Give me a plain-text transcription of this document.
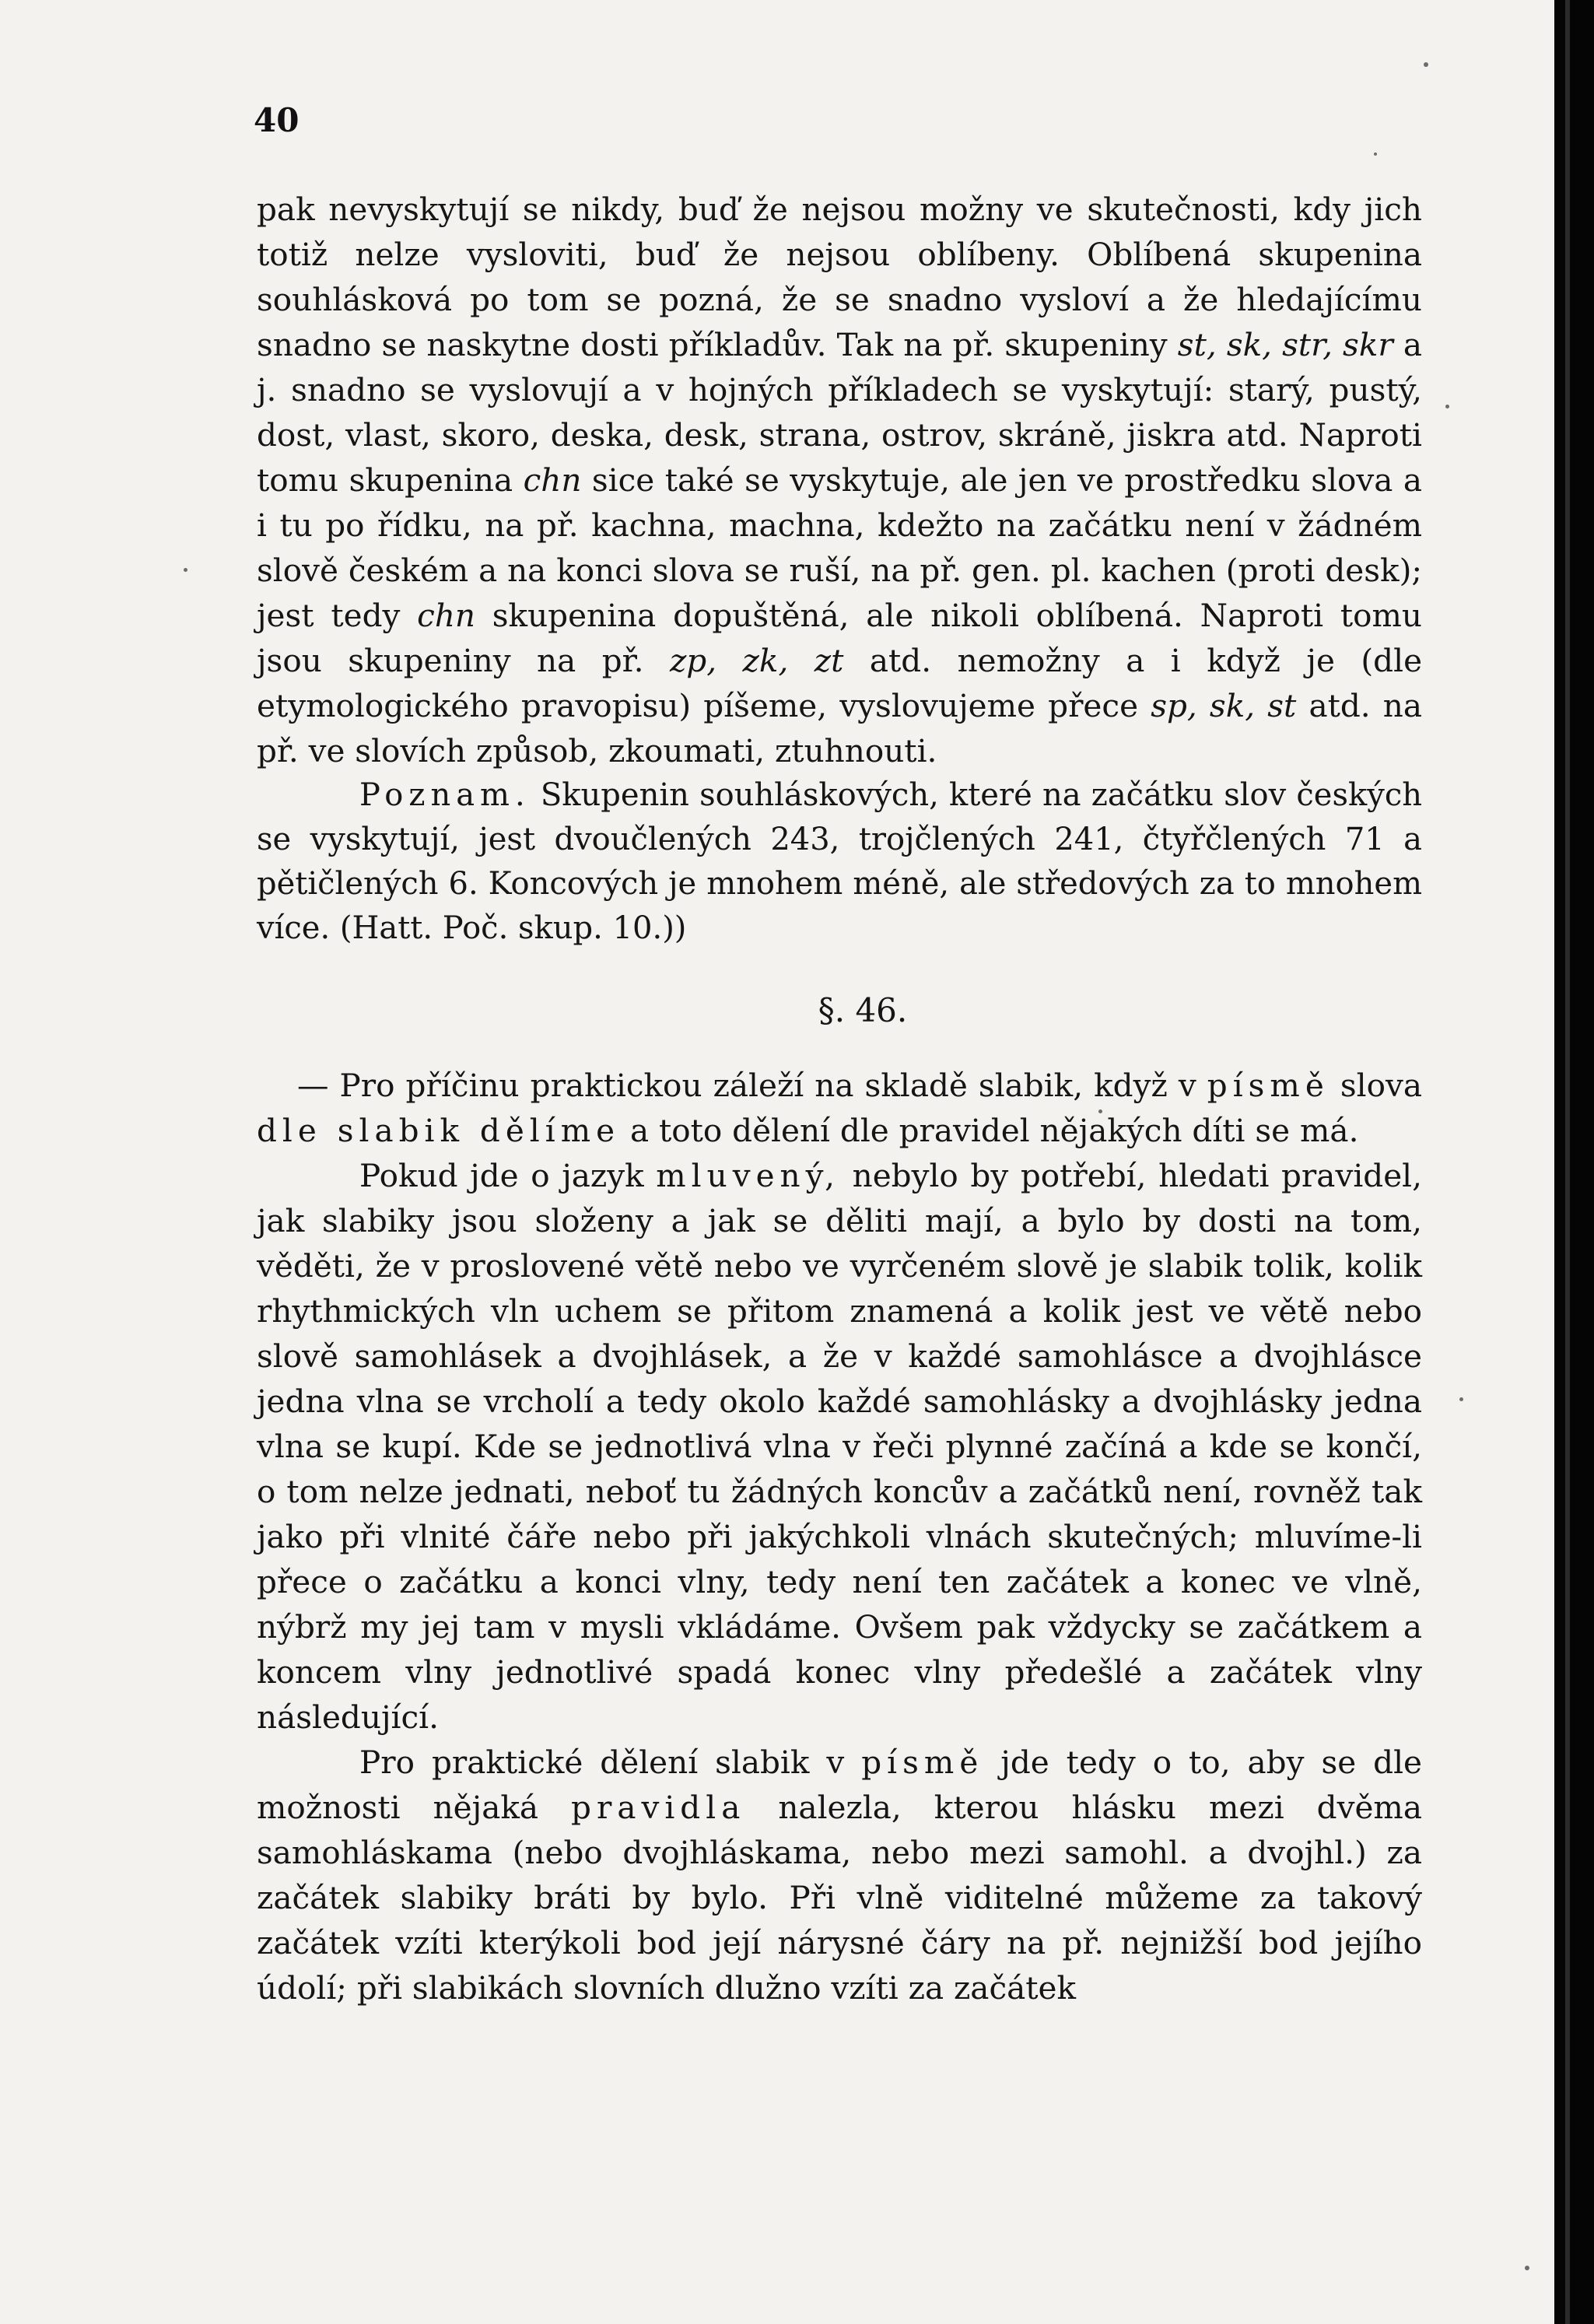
40

pak nevyskytují se nikdy, buď že nejsou možny ve skutečnosti, kdy jich totiž nelze vysloviti, buď že nejsou oblíbeny. Oblíbená skupenina souhlásková po tom se pozná, že se snadno vysloví a že hledajícímu snadno se naskytne dosti příkladův. Tak na př. skupeniny st, sk, str, skr a j. snadno se vyslovují a v hojných příkladech se vyskytují: starý, pustý, dost, vlast, skoro, deska, desk, strana, ostrov, skráně, jiskra atd. Naproti tomu skupenina chn sice také se vyskytuje, ale jen ve prostředku slova a i tu po řídku, na př. kachna, machna, kdežto na začátku není v žádném slově českém a na konci slova se ruší, na př. gen. pl. kachen (proti desk); jest tedy chn skupenina dopuštěná, ale nikoli oblíbená. Naproti tomu jsou skupeniny na př. zp, zk, zt atd. nemožny a i když je (dle etymologického pravopisu) píšeme, vyslovujeme přece sp, sk, st atd. na př. ve slovích způsob, zkoumati, ztuhnouti.

Poznam. Skupenin souhláskových, které na začátku slov českých se vyskytují, jest dvoučlených 243, trojčlených 241, čtyřčlených 71 a pětičlených 6. Koncových je mnohem méně, ale středových za to mnohem více. (Hatt. Poč. skup. 10.))

§. 46.

— Pro příčinu praktickou záleží na skladě slabik, když v písmě slova dle slabik dělíme a toto dělení dle pravidel nějakých díti se má.

Pokud jde o jazyk mluvený, nebylo by potřebí, hledati pravidel, jak slabiky jsou složeny a jak se děliti mají, a bylo by dosti na tom, věděti, že v proslovené větě nebo ve vyrčeném slově je slabik tolik, kolik rhythmických vln uchem se přitom znamená a kolik jest ve větě nebo slově samohlásek a dvojhlásek, a že v každé samohlásce a dvojhlásce jedna vlna se vrcholí a tedy okolo každé samohlásky a dvojhlásky jedna vlna se kupí. Kde se jednotlivá vlna v řeči plynné začíná a kde se končí, o tom nelze jednati, neboť tu žádných koncův a začátků není, rovněž tak jako při vlnité čáře nebo při jakýchkoli vlnách skutečných; mluvíme-li přece o začátku a konci vlny, tedy není ten začátek a konec ve vlně, nýbrž my jej tam v mysli vkládáme. Ovšem pak vždycky se začátkem a koncem vlny jednotlivé spadá konec vlny předešlé a začátek vlny následující.

Pro praktické dělení slabik v písmě jde tedy o to, aby se dle možnosti nějaká pravidla nalezla, kterou hlásku mezi dvěma samohláskama (nebo dvojhláskama, nebo mezi samohl. a dvojhl.) za začátek slabiky bráti by bylo. Při vlně viditelné můžeme za takový začátek vzíti kterýkoli bod její nárysné čáry na př. nejnižší bod jejího údolí; při slabikách slovních dlužno vzíti za začátek
